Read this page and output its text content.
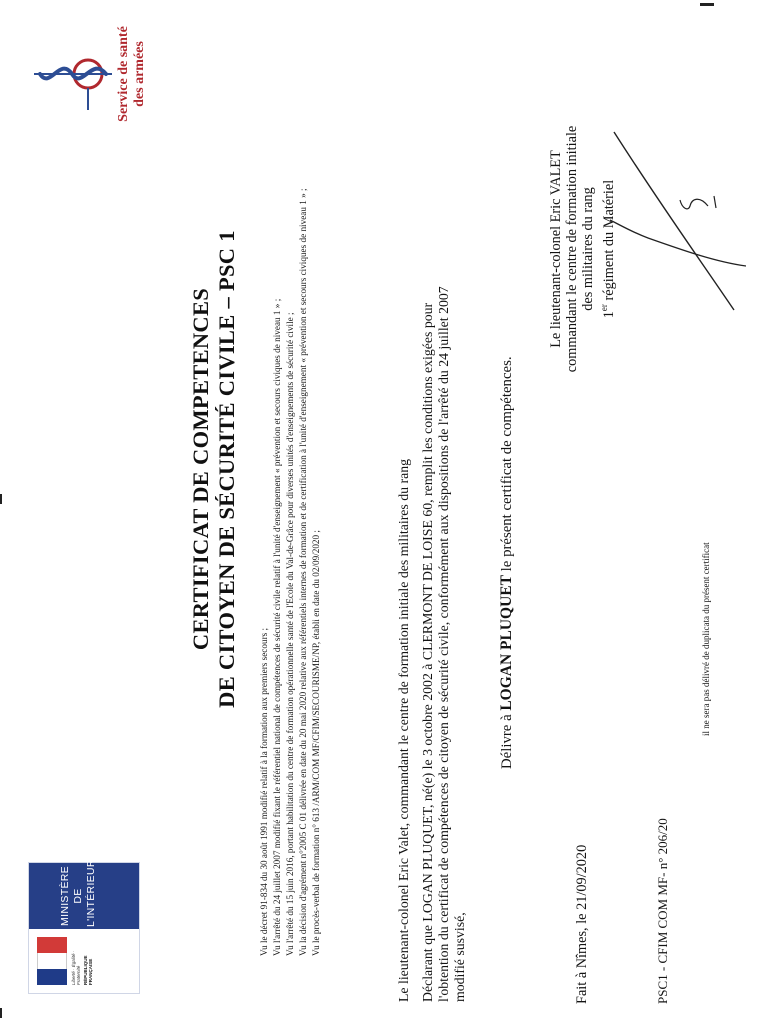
Liberté · Égalité · Fraternité RÉPUBLIQUE FRANÇAISE
MINISTÈRE DE L'INTÉRIEUR
Service de santé des armées
CERTIFICAT DE COMPETENCES DE CITOYEN DE SÉCURITÉ CIVILE – PSC 1
Vu le décret 91-834 du 30 août 1991 modifié relatif à la formation aux premiers secours ; Vu l'arrêté du 24 juillet 2007 modifié fixant le référentiel national de compétences de sécurité civile relatif à l'unité d'enseignement « prévention et secours civiques de niveau 1 » ; Vu l'arrêté du 15 juin 2016, portant habilitation du centre de formation opérationnelle santé de l'Ecole du Val-de-Grâce pour diverses unités d'enseignements de sécurité civile ; Vu la décision d'agrément n°2005 C 01 délivrée en date du 20 mai 2020 relative aux référentiels internes de formation et de certification à l'unité d'enseignement « prévention et secours civiques de niveau 1 » ; Vu le procès-verbal de formation n° 613 /ARM/COM MF/CFIM/SECOURISME/NP, établi en date du 02/09/2020 ;	Le lieutenant-colonel Eric Valet, commandant le centre de formation initiale des militaires du rang Déclarant que LOGAN PLUQUET, né(e) le 3 octobre 2002 à CLERMONT DE LOISE 60, remplit les conditions exigées pour l'obtention du certificat de compétences de citoyen de sécurité civile, conformément aux dispositions de l'arrêté du 24 juillet 2007 modifié susvisé,
Délivre à LOGAN PLUQUET le présent certificat de compétences.
Le lieutenant-colonel Eric VALET commandant le centre de formation initiale des militaires du rang
1er régiment du Matériel
Fait à Nîmes, le 21/09/2020	PSC1 - CFIM COM MF- n° 206/20
il ne sera pas délivré de duplicata du présent certificat
